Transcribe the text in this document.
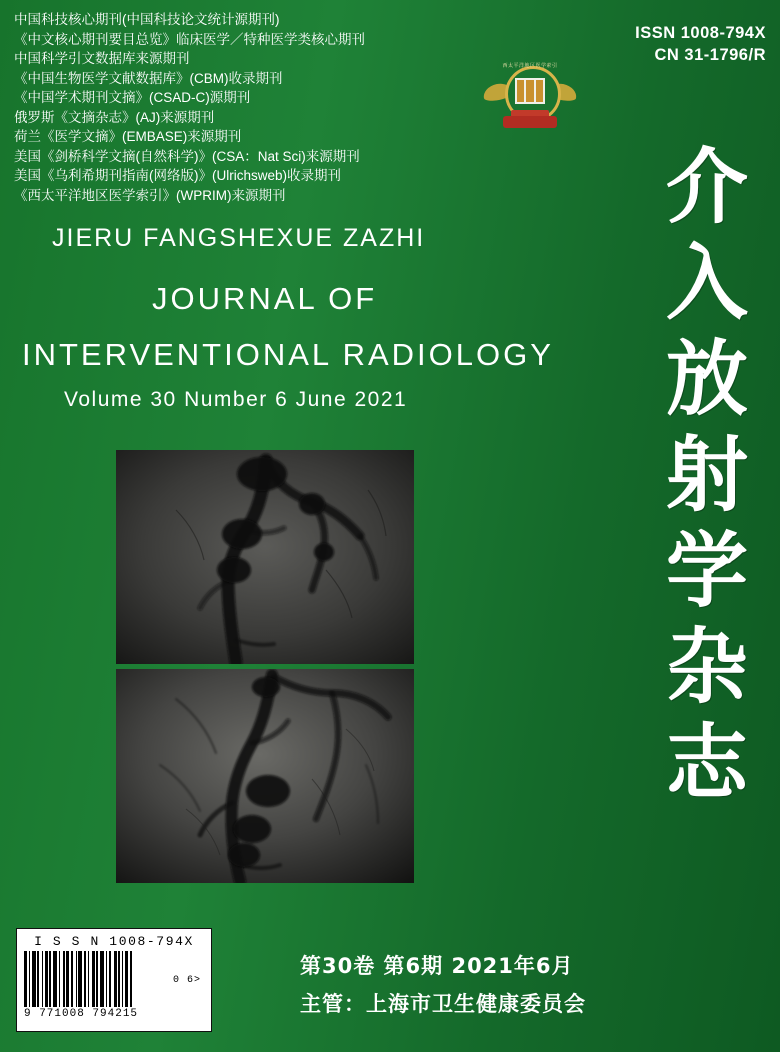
中国科技核心期刊(中国科技论文统计源期刊)
《中文核心期刊要目总览》临床医学／特种医学类核心期刊
中国科学引文数据库来源期刊
《中国生物医学文献数据库》(CBM)收录期刊
《中国学术期刊文摘》(CSAD-C)源期刊
俄罗斯《文摘杂志》(AJ)来源期刊
荷兰《医学文摘》(EMBASE)来源期刊
美国《剑桥科学文摘(自然科学)》(CSA：Nat Sci)来源期刊
美国《乌利希期刊指南(网络版)》(Ulrichsweb)收录期刊
《西太平洋地区医学索引》(WPRIM)来源期刊
ISSN 1008-794X
CN 31-1796/R
西太平洋地区医学索引
介
入
放
射
学
杂
志
JIERU FANGSHEXUE ZAZHI
JOURNAL OF
INTERVENTIONAL RADIOLOGY
Volume 30 Number 6 June 2021
I S S N 1008-794X
9 771008 794215
0 6>
第30卷 第6期 2021年6月
主管：上海市卫生健康委员会
